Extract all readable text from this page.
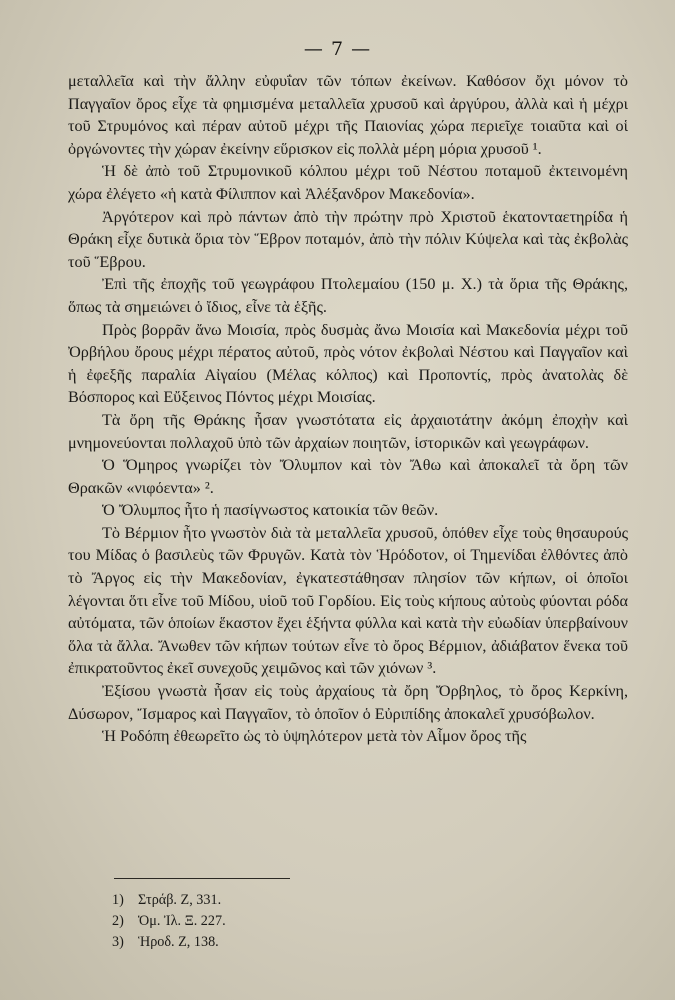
— 7 —

μεταλλεῖα καὶ τὴν ἄλλην εὐφυΐαν τῶν τόπων ἐκείνων. Καθόσον ὄχι μόνον τὸ Παγγαῖον ὄρος εἶχε τὰ φημισμένα μεταλλεῖα χρυσοῦ καὶ ἀργύρου, ἀλλὰ καὶ ἡ μέχρι τοῦ Στρυμόνος καὶ πέραν αὐτοῦ μέχρι τῆς Παιονίας χώρα περιεῖχε τοιαῦτα καὶ οἱ ὀργώνοντες τὴν χώραν ἐκείνην εὕρισκον εἰς πολλὰ μέρη μόρια χρυσοῦ ¹.

Ἡ δὲ ἀπὸ τοῦ Στρυμονικοῦ κόλπου μέχρι τοῦ Νέστου ποταμοῦ ἐκτεινομένη χώρα ἐλέγετο «ἡ κατὰ Φίλιππον καὶ Ἀλέξανδρον Μακεδονία».

Ἀργότερον καὶ πρὸ πάντων ἀπὸ τὴν πρώτην πρὸ Χριστοῦ ἑκατονταετηρίδα ἡ Θράκη εἶχε δυτικὰ ὅρια τὸν Ἕβρον ποταμόν, ἀπὸ τὴν πόλιν Κύψελα καὶ τὰς ἐκβολὰς τοῦ Ἕβρου.

Ἐπὶ τῆς ἐποχῆς τοῦ γεωγράφου Πτολεμαίου (150 μ. Χ.) τὰ ὅρια τῆς Θράκης, ὅπως τὰ σημειώνει ὁ ἴδιος, εἶνε τὰ ἑξῆς.

Πρὸς βορρᾶν ἄνω Μοισία, πρὸς δυσμὰς ἄνω Μοισία καὶ Μακεδονία μέχρι τοῦ Ὀρβήλου ὄρους μέχρι πέρατος αὐτοῦ, πρὸς νότον ἐκβολαὶ Νέστου καὶ Παγγαῖον καὶ ἡ ἐφεξῆς παραλία Αἰγαίου (Μέλας κόλπος) καὶ Προποντίς, πρὸς ἀνατολὰς δὲ Βόσπορος καὶ Εὔξεινος Πόντος μέχρι Μοισίας.

Τὰ ὄρη τῆς Θράκης ἦσαν γνωστότατα εἰς ἀρχαιοτάτην ἀκόμη ἐποχὴν καὶ μνημονεύονται πολλαχοῦ ὑπὸ τῶν ἀρχαίων ποιητῶν, ἱστορικῶν καὶ γεωγράφων.

Ὁ Ὅμηρος γνωρίζει τὸν Ὄλυμπον καὶ τὸν Ἄθω καὶ ἀποκαλεῖ τὰ ὄρη τῶν Θρακῶν «νιφόεντα» ².

Ὁ Ὄλυμπος ἦτο ἡ πασίγνωστος κατοικία τῶν θεῶν.

Τὸ Βέρμιον ἦτο γνωστὸν διὰ τὰ μεταλλεῖα χρυσοῦ, ὁπόθεν εἶχε τοὺς θησαυρούς του Μίδας ὁ βασιλεὺς τῶν Φρυγῶν. Κατὰ τὸν Ἡρόδοτον, οἱ Τημενίδαι ἐλθόντες ἀπὸ τὸ Ἄργος εἰς τὴν Μακεδονίαν, ἐγκατεστάθησαν πλησίον τῶν κήπων, οἱ ὁποῖοι λέγονται ὅτι εἶνε τοῦ Μίδου, υἱοῦ τοῦ Γορδίου. Εἰς τοὺς κήπους αὐτοὺς φύονται ρόδα αὐτόματα, τῶν ὁποίων ἕκαστον ἔχει ἑξήντα φύλλα καὶ κατὰ τὴν εὐωδίαν ὑπερβαίνουν ὅλα τὰ ἄλλα. Ἄνωθεν τῶν κήπων τούτων εἶνε τὸ ὄρος Βέρμιον, ἀδιάβατον ἕνεκα τοῦ ἐπικρατοῦντος ἐκεῖ συνεχοῦς χειμῶνος καὶ τῶν χιόνων ³.

Ἐξίσου γνωστὰ ἦσαν εἰς τοὺς ἀρχαίους τὰ ὄρη Ὄρβηλος, τὸ ὄρος Κερκίνη, Δύσωρον, Ἴσμαρος καὶ Παγγαῖον, τὸ ὁποῖον ὁ Εὐριπίδης ἀποκαλεῖ χρυσόβωλον.

Ἡ Ροδόπη ἐθεωρεῖτο ὡς τὸ ὑψηλότερον μετὰ τὸν Αἷμον ὄρος τῆς

1) Στράβ. Ζ, 331.
2) Ὁμ. Ἰλ. Ξ. 227.
3) Ἡροδ. Ζ, 138.
